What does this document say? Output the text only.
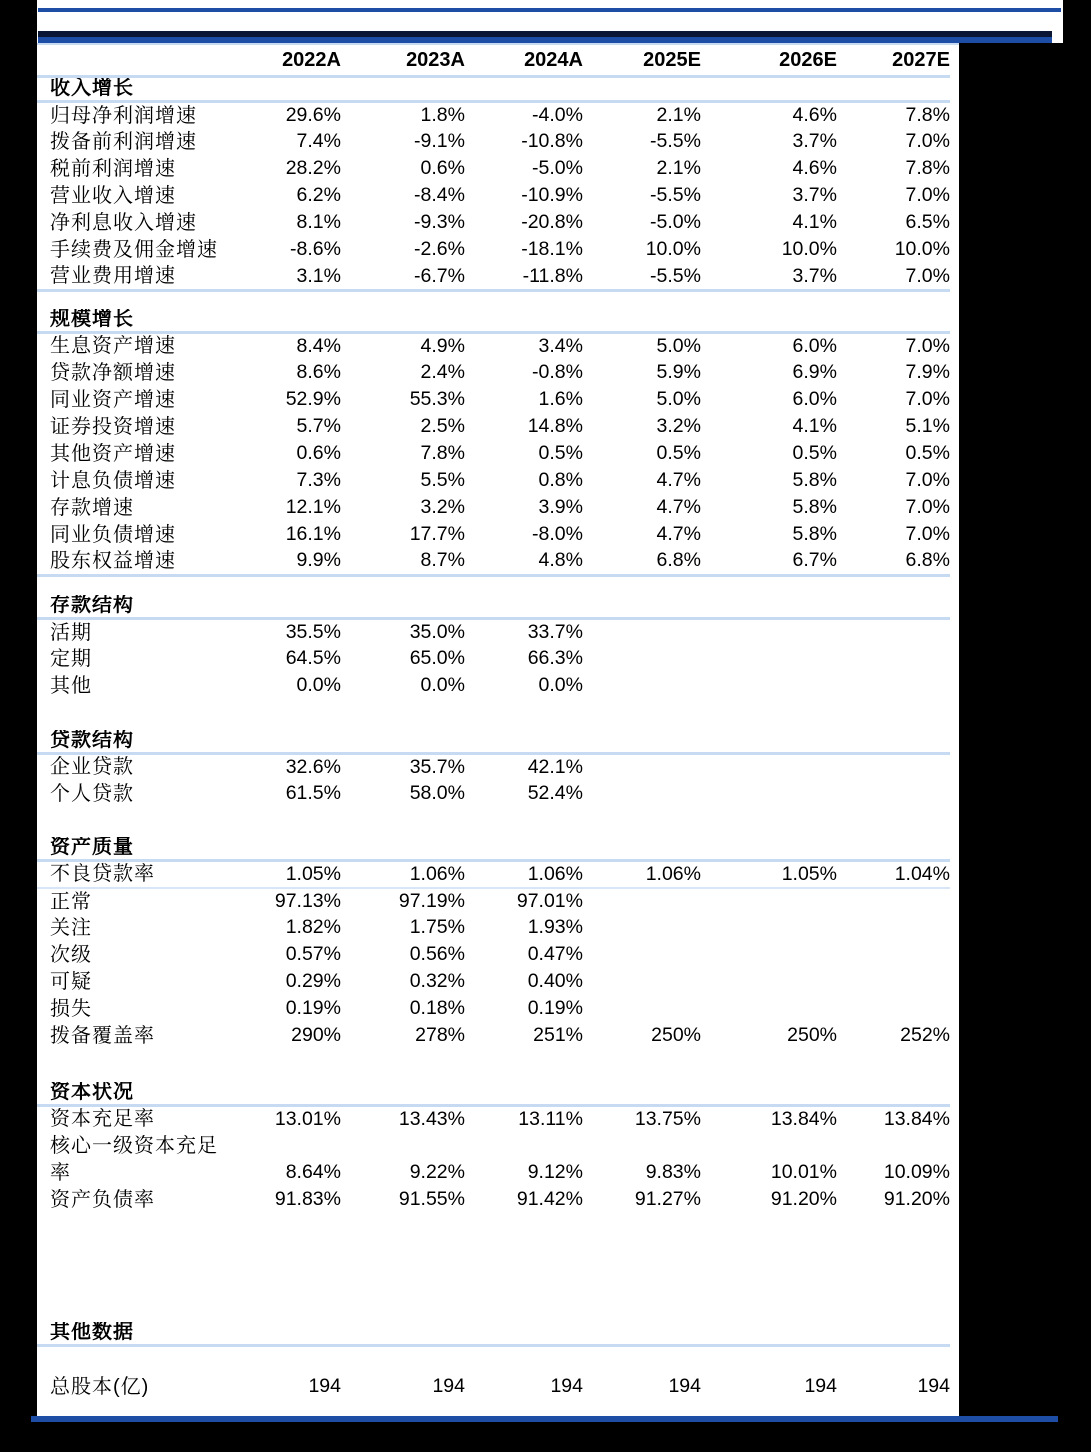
	2022A	2023A	2024A	2025E	2026E	2027E
收入增长						
归母净利润增速	29.6%	1.8%	-4.0%	2.1%	4.6%	7.8%
拨备前利润增速	7.4%	-9.1%	-10.8%	-5.5%	3.7%	7.0%
税前利润增速	28.2%	0.6%	-5.0%	2.1%	4.6%	7.8%
营业收入增速	6.2%	-8.4%	-10.9%	-5.5%	3.7%	7.0%
净利息收入增速	8.1%	-9.3%	-20.8%	-5.0%	4.1%	6.5%
手续费及佣金增速	-8.6%	-2.6%	-18.1%	10.0%	10.0%	10.0%
营业费用增速	3.1%	-6.7%	-11.8%	-5.5%	3.7%	7.0%

规模增长						
生息资产增速	8.4%	4.9%	3.4%	5.0%	6.0%	7.0%
贷款净额增速	8.6%	2.4%	-0.8%	5.9%	6.9%	7.9%
同业资产增速	52.9%	55.3%	1.6%	5.0%	6.0%	7.0%
证券投资增速	5.7%	2.5%	14.8%	3.2%	4.1%	5.1%
其他资产增速	0.6%	7.8%	0.5%	0.5%	0.5%	0.5%
计息负债增速	7.3%	5.5%	0.8%	4.7%	5.8%	7.0%
存款增速	12.1%	3.2%	3.9%	4.7%	5.8%	7.0%
同业负债增速	16.1%	17.7%	-8.0%	4.7%	5.8%	7.0%
股东权益增速	9.9%	8.7%	4.8%	6.8%	6.7%	6.8%

存款结构						
活期	35.5%	35.0%	33.7%			
定期	64.5%	65.0%	66.3%			
其他	0.0%	0.0%	0.0%			

贷款结构						
企业贷款	32.6%	35.7%	42.1%			
个人贷款	61.5%	58.0%	52.4%			

资产质量						
不良贷款率	1.05%	1.06%	1.06%	1.06%	1.05%	1.04%
正常	97.13%	97.19%	97.01%			
关注	1.82%	1.75%	1.93%			
次级	0.57%	0.56%	0.47%			
可疑	0.29%	0.32%	0.40%			
损失	0.19%	0.18%	0.19%			
拨备覆盖率	290%	278%	251%	250%	250%	252%

资本状况						
资本充足率	13.01%	13.43%	13.11%	13.75%	13.84%	13.84%
核心一级资本充足						
率	8.64%	9.22%	9.12%	9.83%	10.01%	10.09%
资产负债率	91.83%	91.55%	91.42%	91.27%	91.20%	91.20%

其他数据						

总股本(亿)	194	194	194	194	194	194
